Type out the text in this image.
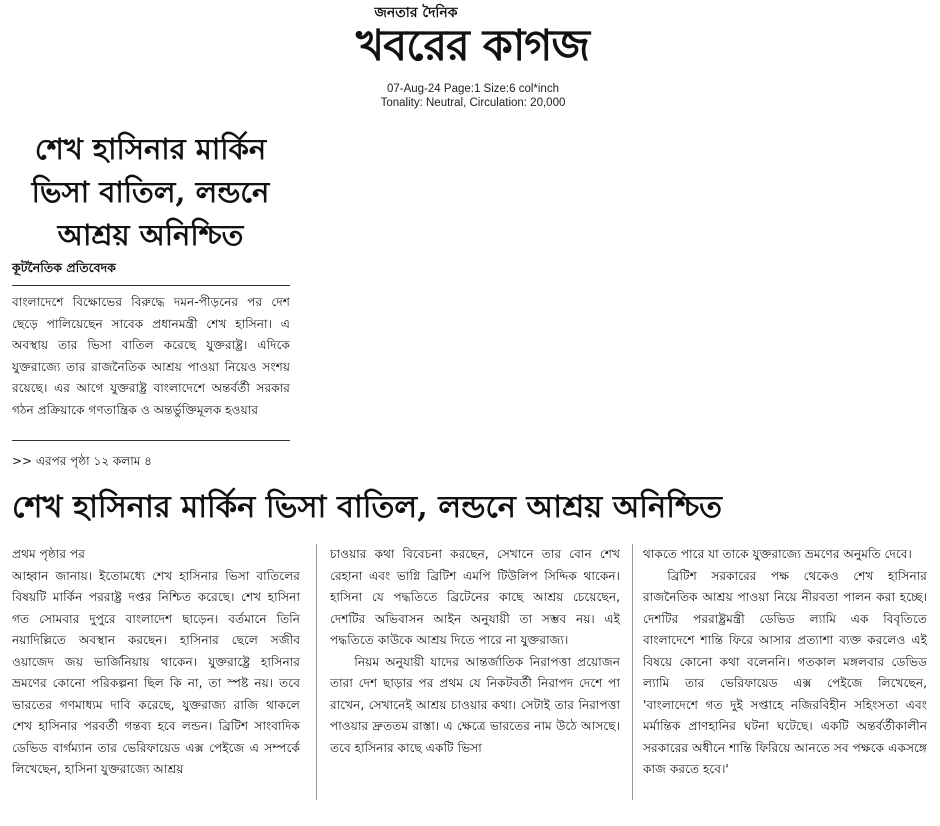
জনতার দৈনিক
খবরের কাগজ
07-Aug-24 Page:1 Size:6 col*inch
Tonality: Neutral, Circulation: 20,000
শেখ হাসিনার মার্কিন ভিসা বাতিল, লন্ডনে আশ্রয় অনিশ্চিত
কূটনৈতিক প্রতিবেদক
বাংলাদেশে বিক্ষোভের বিরুদ্ধে দমন-পীড়নের পর দেশ ছেড়ে পালিয়েছেন সাবেক প্রধানমন্ত্রী শেখ হাসিনা। এ অবস্থায় তার ভিসা বাতিল করেছে যুক্তরাষ্ট্র। এদিকে যুক্তরাজ্যে তার রাজনৈতিক আশ্রয় পাওয়া নিয়েও সংশয় রয়েছে। এর আগে যুক্তরাষ্ট্র বাংলাদেশে অন্তর্বর্তী সরকার গঠন প্রক্রিয়াকে গণতান্ত্রিক ও অন্তর্ভুক্তিমূলক হওয়ার
>> এরপর পৃষ্ঠা ১২ কলাম ৪
শেখ হাসিনার মার্কিন ভিসা বাতিল, লন্ডনে আশ্রয় অনিশ্চিত

প্রথম পৃষ্ঠার পর

আহ্বান জানায়। ইতোমধ্যে শেখ হাসিনার ভিসা বাতিলের বিষয়টি মার্কিন পররাষ্ট্র দপ্তর নিশ্চিত করেছে। শেখ হাসিনা গত সোমবার দুপুরে বাংলাদেশ ছাড়েন। বর্তমানে তিনি নয়াদিল্লিতে অবস্থান করছেন। হাসিনার ছেলে সজীব ওয়াজেদ জয় ভার্জিনিয়ায় থাকেন। যুক্তরাষ্ট্রে হাসিনার ভ্রমণের কোনো পরিকল্পনা ছিল কি না, তা স্পষ্ট নয়। তবে ভারতের গণমাধ্যম দাবি করেছে, যুক্তরাজ্য রাজি থাকলে শেখ হাসিনার পরবর্তী গন্তব্য হবে লন্ডন। ব্রিটিশ সাংবাদিক ডেভিড বার্গম্যান তার ভেরিফায়েড এক্স পেইজে এ সম্পর্কে লিখেছেন, হাসিনা যুক্তরাজ্যে আশ্রয়

চাওয়ার কথা বিবেচনা করছেন, সেখানে তার বোন শেখ রেহানা এবং ভাগ্নি ব্রিটিশ এমপি টিউলিপ সিদ্দিক থাকেন। হাসিনা যে পদ্ধতিতে ব্রিটেনের কাছে আশ্রয় চেয়েছেন, দেশটির অভিবাসন আইন অনুযায়ী তা সম্ভব নয়। এই পদ্ধতিতে কাউকে আশ্রয় দিতে পারে না যুক্তরাজ্য।

নিয়ম অনুযায়ী যাদের আন্তর্জাতিক নিরাপত্তা প্রয়োজন তারা দেশ ছাড়ার পর প্রথম যে নিকটবর্তী নিরাপদ দেশে পা রাখেন, সেখানেই আশ্রয় চাওয়ার কথা। সেটাই তার নিরাপত্তা পাওয়ার দ্রুততম রাস্তা। এ ক্ষেত্রে ভারতের নাম উঠে আসছে। তবে হাসিনার কাছে একটি ভিসা

থাকতে পারে যা তাকে যুক্তরাজ্যে ভ্রমণের অনুমতি দেবে।

ব্রিটিশ সরকারের পক্ষ থেকেও শেখ হাসিনার রাজনৈতিক আশ্রয় পাওয়া নিয়ে নীরবতা পালন করা হচ্ছে। দেশটির পররাষ্ট্রমন্ত্রী ডেভিড ল্যামি এক বিবৃতিতে বাংলাদেশে শান্তি ফিরে আসার প্রত্যাশা ব্যক্ত করলেও এই বিষয়ে কোনো কথা বলেননি। গতকাল মঙ্গলবার ডেভিড ল্যামি তার ভেরিফায়েড এক্স পেইজে লিখেছেন, 'বাংলাদেশে গত দুই সপ্তাহে নজিরবিহীন সহিংসতা এবং মর্মান্তিক প্রাণহানির ঘটনা ঘটেছে। একটি অন্তর্বর্তীকালীন সরকারের অধীনে শান্তি ফিরিয়ে আনতে সব পক্ষকে একসঙ্গে কাজ করতে হবে।'
